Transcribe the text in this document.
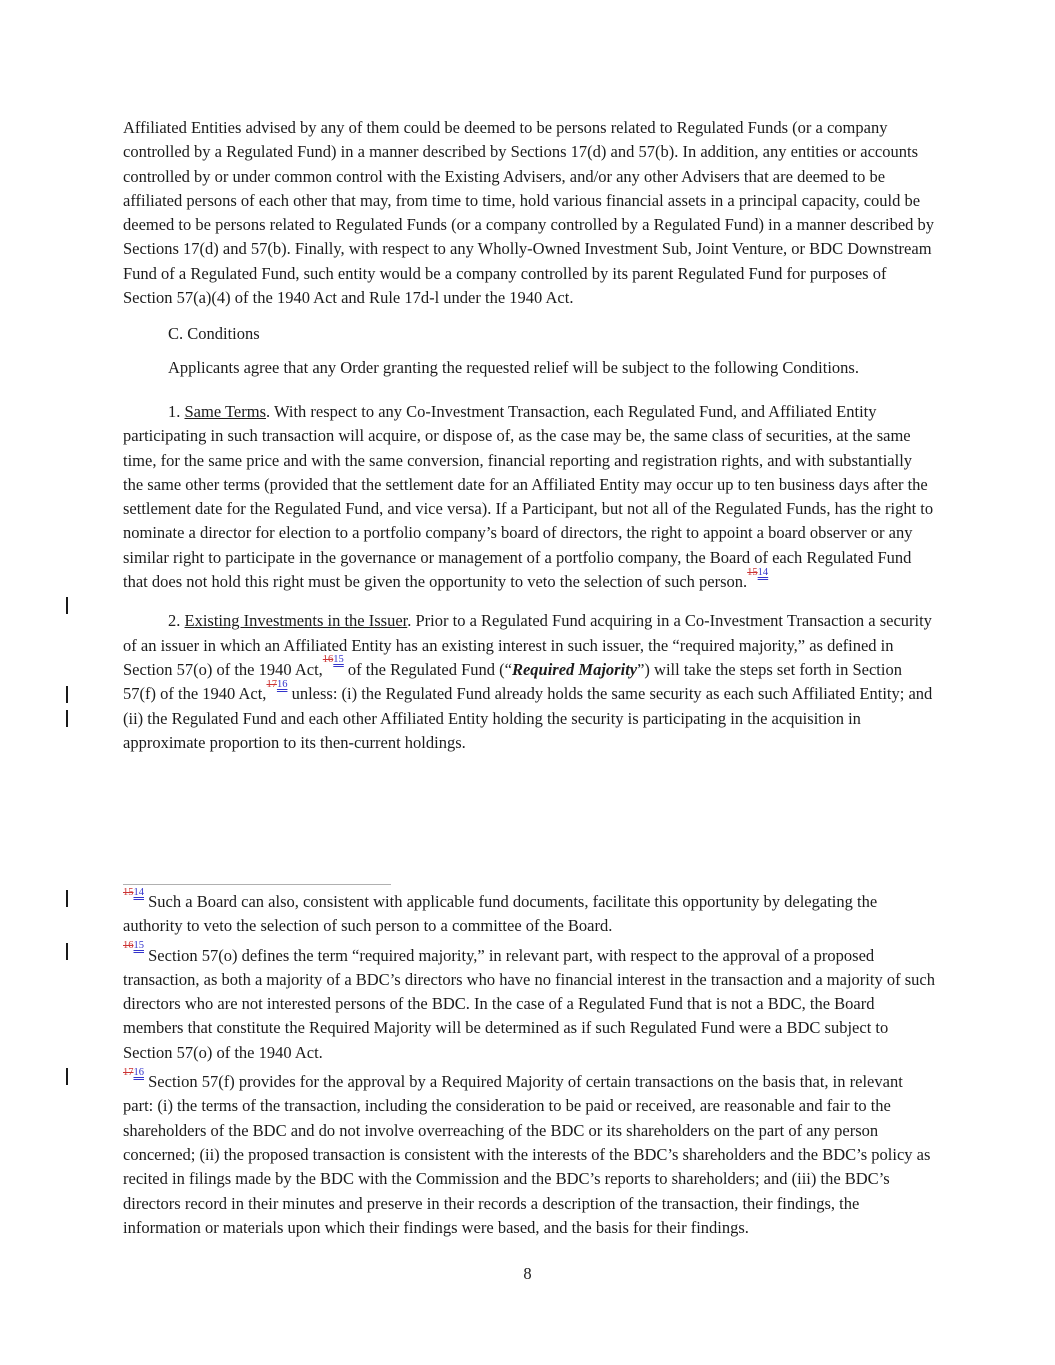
Affiliated Entities advised by any of them could be deemed to be persons related to Regulated Funds (or a company controlled by a Regulated Fund) in a manner described by Sections 17(d) and 57(b). In addition, any entities or accounts controlled by or under common control with the Existing Advisers, and/or any other Advisers that are deemed to be affiliated persons of each other that may, from time to time, hold various financial assets in a principal capacity, could be deemed to be persons related to Regulated Funds (or a company controlled by a Regulated Fund) in a manner described by Sections 17(d) and 57(b). Finally, with respect to any Wholly-Owned Investment Sub, Joint Venture, or BDC Downstream Fund of a Regulated Fund, such entity would be a company controlled by its parent Regulated Fund for purposes of Section 57(a)(4) of the 1940 Act and Rule 17d-l under the 1940 Act.

C. Conditions

Applicants agree that any Order granting the requested relief will be subject to the following Conditions.

1. Same Terms. With respect to any Co-Investment Transaction, each Regulated Fund, and Affiliated Entity participating in such transaction will acquire, or dispose of, as the case may be, the same class of securities, at the same time, for the same price and with the same conversion, financial reporting and registration rights, and with substantially the same other terms (provided that the settlement date for an Affiliated Entity may occur up to ten business days after the settlement date for the Regulated Fund, and vice versa). If a Participant, but not all of the Regulated Funds, has the right to nominate a director for election to a portfolio company’s board of directors, the right to appoint a board observer or any similar right to participate in the governance or management of a portfolio company, the Board of each Regulated Fund that does not hold this right must be given the opportunity to veto the selection of such person.$^{1514}$

2. Existing Investments in the Issuer. Prior to a Regulated Fund acquiring in a Co-Investment Transaction a security of an issuer in which an Affiliated Entity has an existing interest in such issuer, the “required majority,” as defined in Section 57(o) of the 1940 Act,$^{1615}$ of the Regulated Fund (“Required Majority”) will take the steps set forth in Section 57(f) of the 1940 Act,$^{1716}$ unless: (i) the Regulated Fund already holds the same security as each such Affiliated Entity; and (ii) the Regulated Fund and each other Affiliated Entity holding the security is participating in the acquisition in approximate proportion to its then-current holdings.

$^{1514}$ Such a Board can also, consistent with applicable fund documents, facilitate this opportunity by delegating the authority to veto the selection of such person to a committee of the Board.

$^{1615}$ Section 57(o) defines the term “required majority,” in relevant part, with respect to the approval of a proposed transaction, as both a majority of a BDC’s directors who have no financial interest in the transaction and a majority of such directors who are not interested persons of the BDC. In the case of a Regulated Fund that is not a BDC, the Board members that constitute the Required Majority will be determined as if such Regulated Fund were a BDC subject to Section 57(o) of the 1940 Act.

$^{1716}$ Section 57(f) provides for the approval by a Required Majority of certain transactions on the basis that, in relevant part: (i) the terms of the transaction, including the consideration to be paid or received, are reasonable and fair to the shareholders of the BDC and do not involve overreaching of the BDC or its shareholders on the part of any person concerned; (ii) the proposed transaction is consistent with the interests of the BDC’s shareholders and the BDC’s policy as recited in filings made by the BDC with the Commission and the BDC’s reports to shareholders; and (iii) the BDC’s directors record in their minutes and preserve in their records a description of the transaction, their findings, the information or materials upon which their findings were based, and the basis for their findings.

8
